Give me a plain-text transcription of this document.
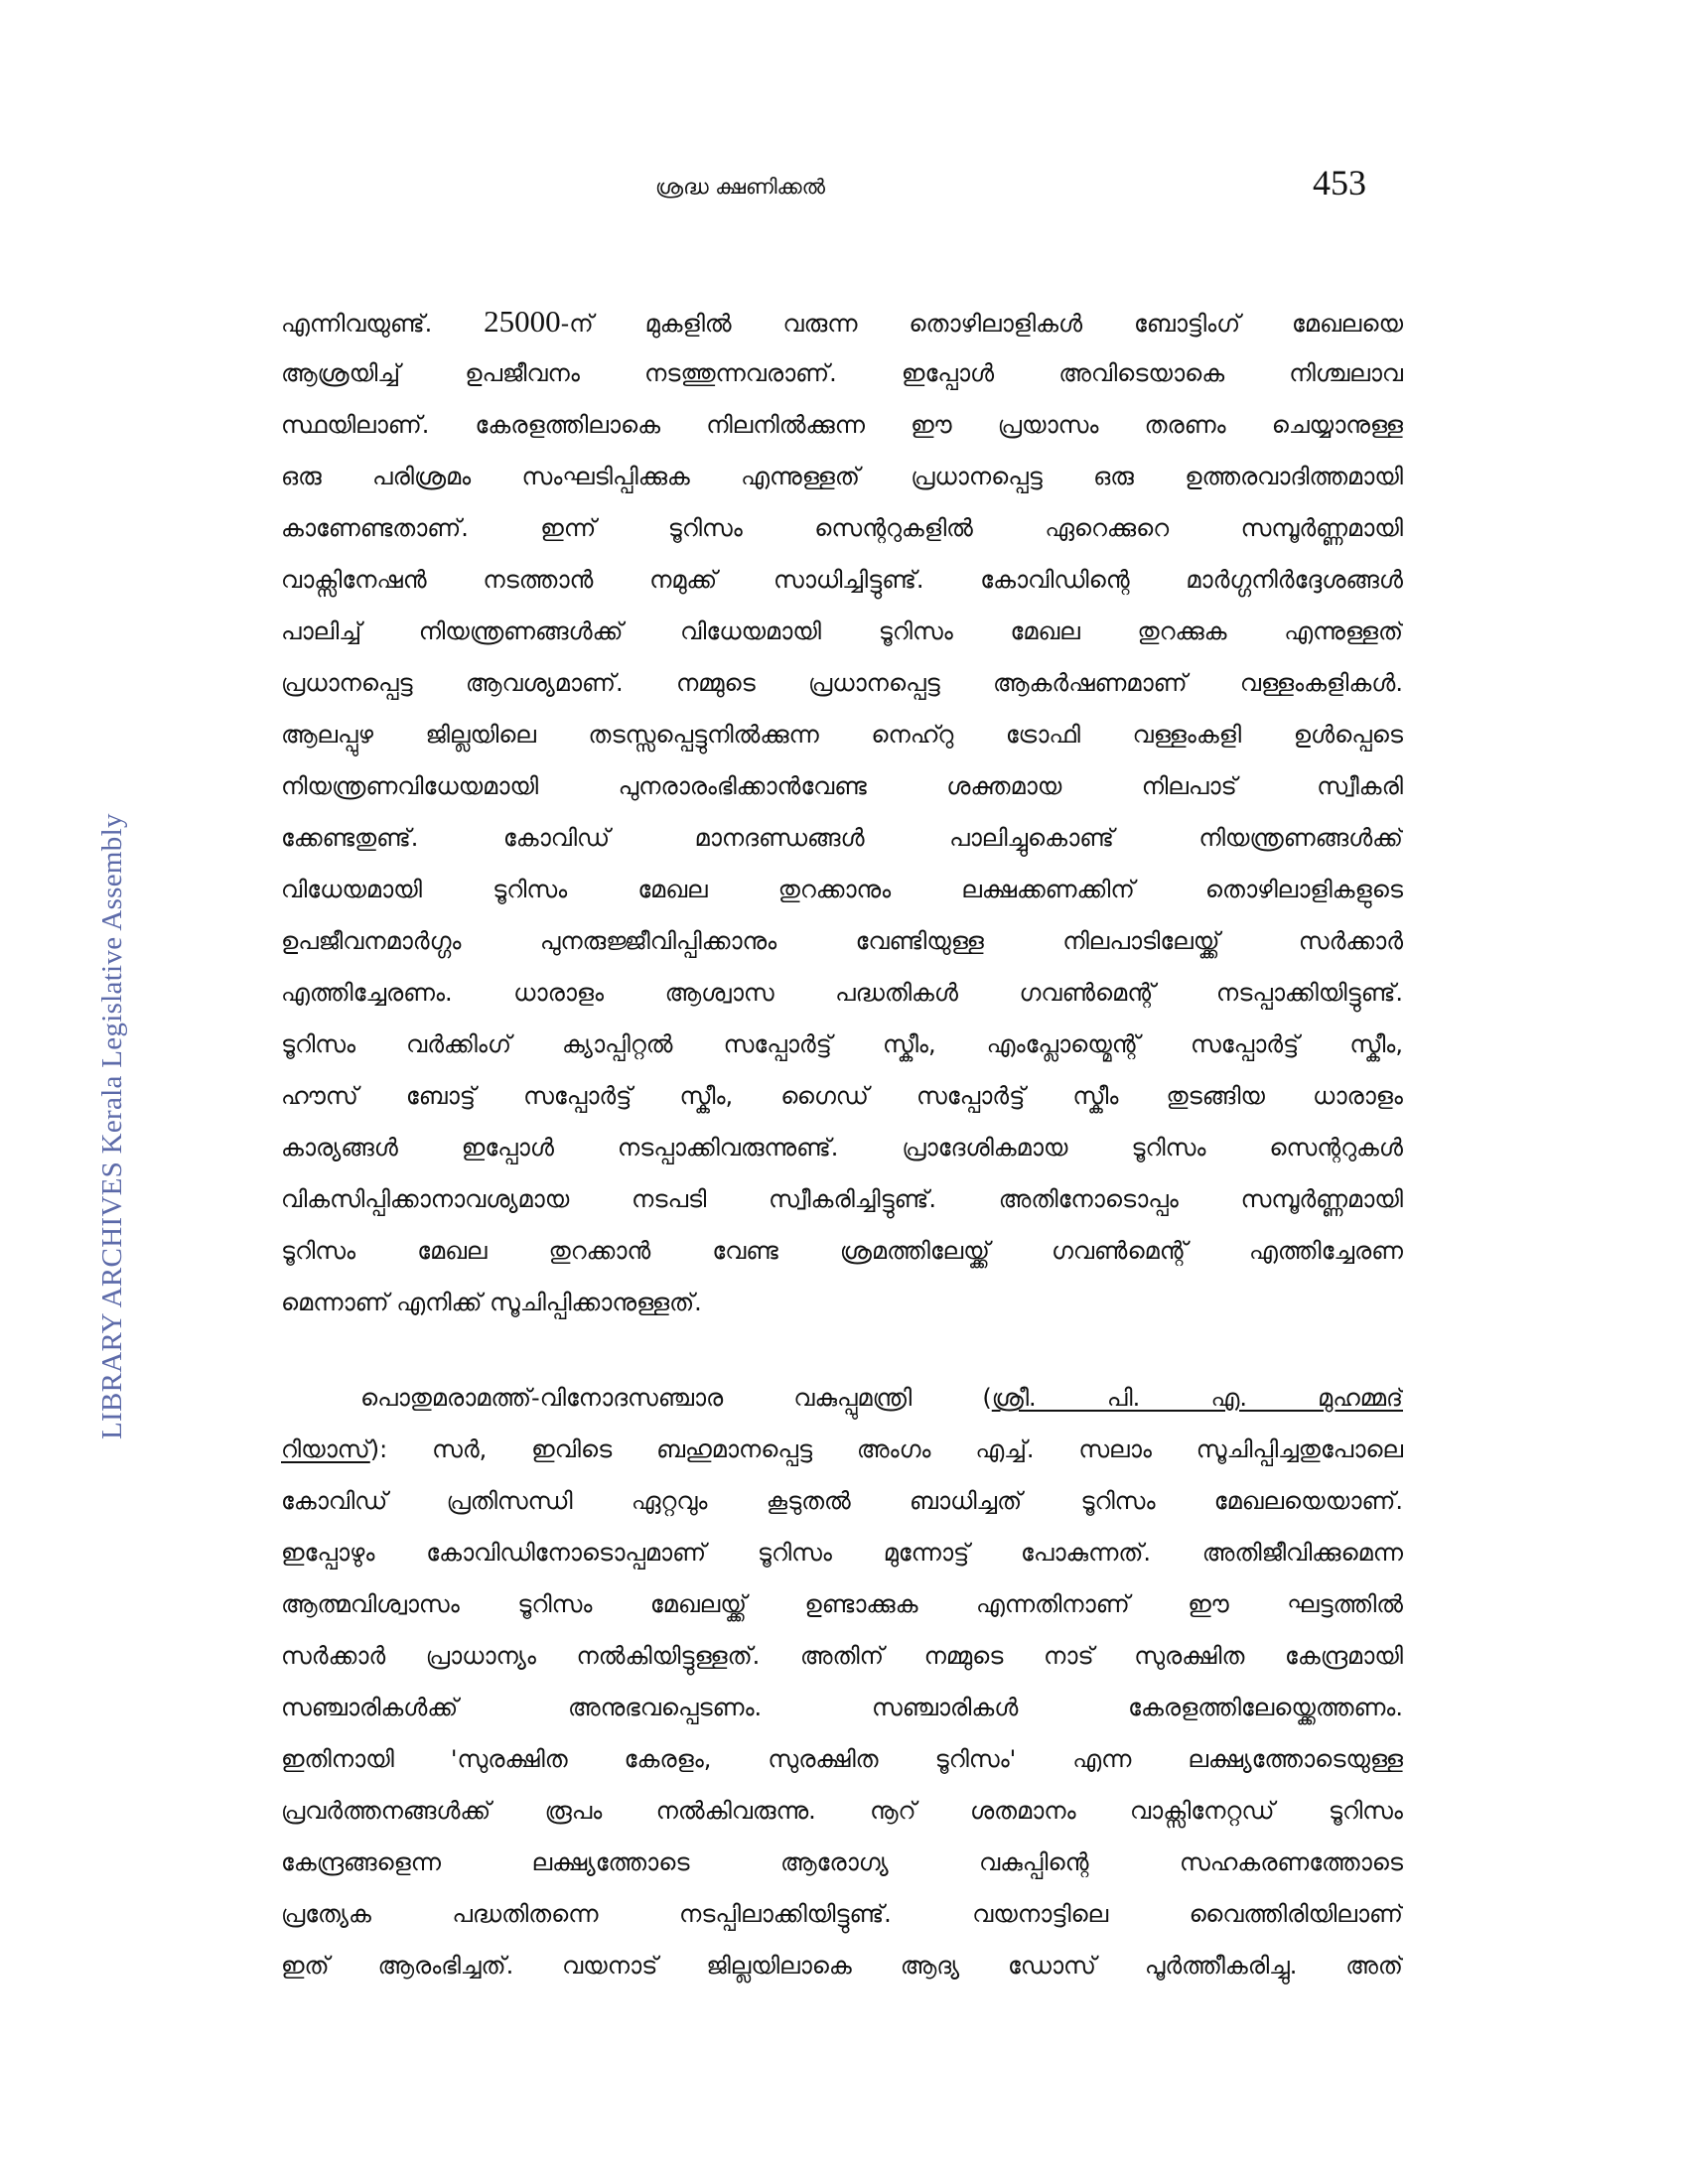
ശ്രദ്ധ ക്ഷണിക്കൽ	453
LIBRARY ARCHIVES Kerala Legislative Assembly
എന്നിവയുണ്ട്. 25000-ന് മുകളിൽ വരുന്ന തൊഴിലാളികൾ ബോട്ടിംഗ് മേഖലയെ
ആശ്രയിച്ച് ഉപജീവനം നടത്തുന്നവരാണ്. ഇപ്പോൾ അവിടെയാകെ നിശ്ചലാവ
സ്ഥയിലാണ്. കേരളത്തിലാകെ നിലനിൽക്കുന്ന ഈ പ്രയാസം തരണം ചെയ്യാനുള്ള
ഒരു പരിശ്രമം സംഘടിപ്പിക്കുക എന്നുള്ളത് പ്രധാനപ്പെട്ട ഒരു ഉത്തരവാദിത്തമായി
കാണേണ്ടതാണ്. ഇന്ന് ടൂറിസം സെന്ററുകളിൽ ഏറെക്കുറെ സമ്പൂർണ്ണമായി
വാക്സിനേഷൻ നടത്താൻ നമുക്ക് സാധിച്ചിട്ടുണ്ട്. കോവിഡിന്റെ മാർഗ്ഗനിർദ്ദേശങ്ങൾ
പാലിച്ച് നിയന്ത്രണങ്ങൾക്ക് വിധേയമായി ടൂറിസം മേഖല തുറക്കുക എന്നുള്ളത്
പ്രധാനപ്പെട്ട ആവശ്യമാണ്. നമ്മുടെ പ്രധാനപ്പെട്ട ആകർഷണമാണ് വള്ളംകളികൾ.
ആലപ്പുഴ ജില്ലയിലെ തടസ്സപ്പെട്ടുനിൽക്കുന്ന നെഹ്റു ട്രോഫി വള്ളംകളി ഉൾപ്പെടെ
നിയന്ത്രണവിധേയമായി പുനരാരംഭിക്കാൻവേണ്ട ശക്തമായ നിലപാട് സ്വീകരി
ക്കേണ്ടതുണ്ട്. കോവിഡ് മാനദണ്ഡങ്ങൾ പാലിച്ചുകൊണ്ട് നിയന്ത്രണങ്ങൾക്ക്
വിധേയമായി ടൂറിസം മേഖല തുറക്കാനും ലക്ഷക്കണക്കിന് തൊഴിലാളികളുടെ
ഉപജീവനമാർഗ്ഗം പുനരുജ്ജീവിപ്പിക്കാനും വേണ്ടിയുള്ള നിലപാടിലേയ്ക്ക് സർക്കാർ
എത്തിച്ചേരണം. ധാരാളം ആശ്വാസ പദ്ധതികൾ ഗവൺമെന്റ് നടപ്പാക്കിയിട്ടുണ്ട്.
ടൂറിസം വർക്കിംഗ് ക്യാപ്പിറ്റൽ സപ്പോർട്ട് സ്കീം, എംപ്ലോയ്മെന്റ് സപ്പോർട്ട് സ്കീം,
ഹൗസ് ബോട്ട് സപ്പോർട്ട് സ്കീം, ഗൈഡ് സപ്പോർട്ട് സ്കീം തുടങ്ങിയ ധാരാളം
കാര്യങ്ങൾ ഇപ്പോൾ നടപ്പാക്കിവരുന്നുണ്ട്. പ്രാദേശികമായ ടൂറിസം സെന്ററുകൾ
വികസിപ്പിക്കാനാവശ്യമായ നടപടി സ്വീകരിച്ചിട്ടുണ്ട്. അതിനോടൊപ്പം സമ്പൂർണ്ണമായി
ടൂറിസം മേഖല തുറക്കാൻ വേണ്ട ശ്രമത്തിലേയ്ക്ക് ഗവൺമെന്റ് എത്തിച്ചേരണ
മെന്നാണ് എനിക്ക് സൂചിപ്പിക്കാനുള്ളത്.
പൊതുമരാമത്ത്-വിനോദസഞ്ചാര വകുപ്പുമന്ത്രി (ശ്രീ. പി. എ. മുഹമ്മദ്
റിയാസ്): സർ, ഇവിടെ ബഹുമാനപ്പെട്ട അംഗം എച്ച്. സലാം സൂചിപ്പിച്ചതുപോലെ
കോവിഡ് പ്രതിസന്ധി ഏറ്റവും കൂടുതൽ ബാധിച്ചത് ടൂറിസം മേഖലയെയാണ്.
ഇപ്പോഴും കോവിഡിനോടൊപ്പമാണ് ടൂറിസം മുന്നോട്ട് പോകുന്നത്. അതിജീവിക്കുമെന്ന
ആത്മവിശ്വാസം ടൂറിസം മേഖലയ്ക്ക് ഉണ്ടാക്കുക എന്നതിനാണ് ഈ ഘട്ടത്തിൽ
സർക്കാർ പ്രാധാന്യം നൽകിയിട്ടുള്ളത്. അതിന് നമ്മുടെ നാട് സുരക്ഷിത കേന്ദ്രമായി
സഞ്ചാരികൾക്ക് അനുഭവപ്പെടണം. സഞ്ചാരികൾ കേരളത്തിലേയ്ക്കെത്തണം.
ഇതിനായി 'സുരക്ഷിത കേരളം, സുരക്ഷിത ടൂറിസം' എന്ന ലക്ഷ്യത്തോടെയുള്ള
പ്രവർത്തനങ്ങൾക്ക് രൂപം നൽകിവരുന്നു. നൂറ് ശതമാനം വാക്സിനേറ്റഡ് ടൂറിസം
കേന്ദ്രങ്ങളെന്ന ലക്ഷ്യത്തോടെ ആരോഗ്യ വകുപ്പിന്റെ സഹകരണത്തോടെ
പ്രത്യേക പദ്ധതിതന്നെ നടപ്പിലാക്കിയിട്ടുണ്ട്. വയനാട്ടിലെ വൈത്തിരിയിലാണ്
ഇത് ആരംഭിച്ചത്. വയനാട് ജില്ലയിലാകെ ആദ്യ ഡോസ് പൂർത്തീകരിച്ചു. അത്
